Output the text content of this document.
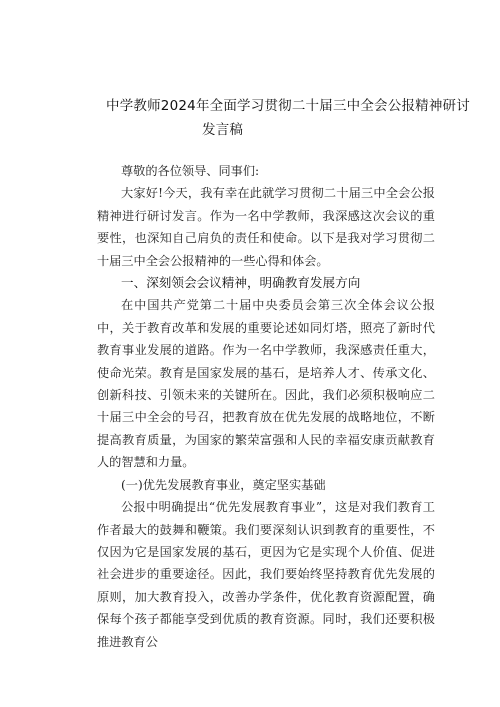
中学教师2024年全面学习贯彻二十届三中全会公报精神研讨
发言稿

尊敬的各位领导、同事们:

大家好!今天，我有幸在此就学习贯彻二十届三中全会公报精神进行研讨发言。作为一名中学教师，我深感这次会议的重要性，也深知自己肩负的责任和使命。以下是我对学习贯彻二十届三中全会公报精神的一些心得和体会。

一、深刻领会会议精神，明确教育发展方向

在中国共产党第二十届中央委员会第三次全体会议公报中，关于教育改革和发展的重要论述如同灯塔，照亮了新时代教育事业发展的道路。作为一名中学教师，我深感责任重大，使命光荣。教育是国家发展的基石，是培养人才、传承文化、创新科技、引领未来的关键所在。因此，我们必须积极响应二十届三中全会的号召，把教育放在优先发展的战略地位，不断提高教育质量，为国家的繁荣富强和人民的幸福安康贡献教育人的智慧和力量。

(一)优先发展教育事业，奠定坚实基础

公报中明确提出“优先发展教育事业”，这是对我们教育工作者最大的鼓舞和鞭策。我们要深刻认识到教育的重要性，不仅因为它是国家发展的基石，更因为它是实现个人价值、促进社会进步的重要途径。因此，我们要始终坚持教育优先发展的原则，加大教育投入，改善办学条件，优化教育资源配置，确保每个孩子都能享受到优质的教育资源。同时，我们还要积极推进教育公
